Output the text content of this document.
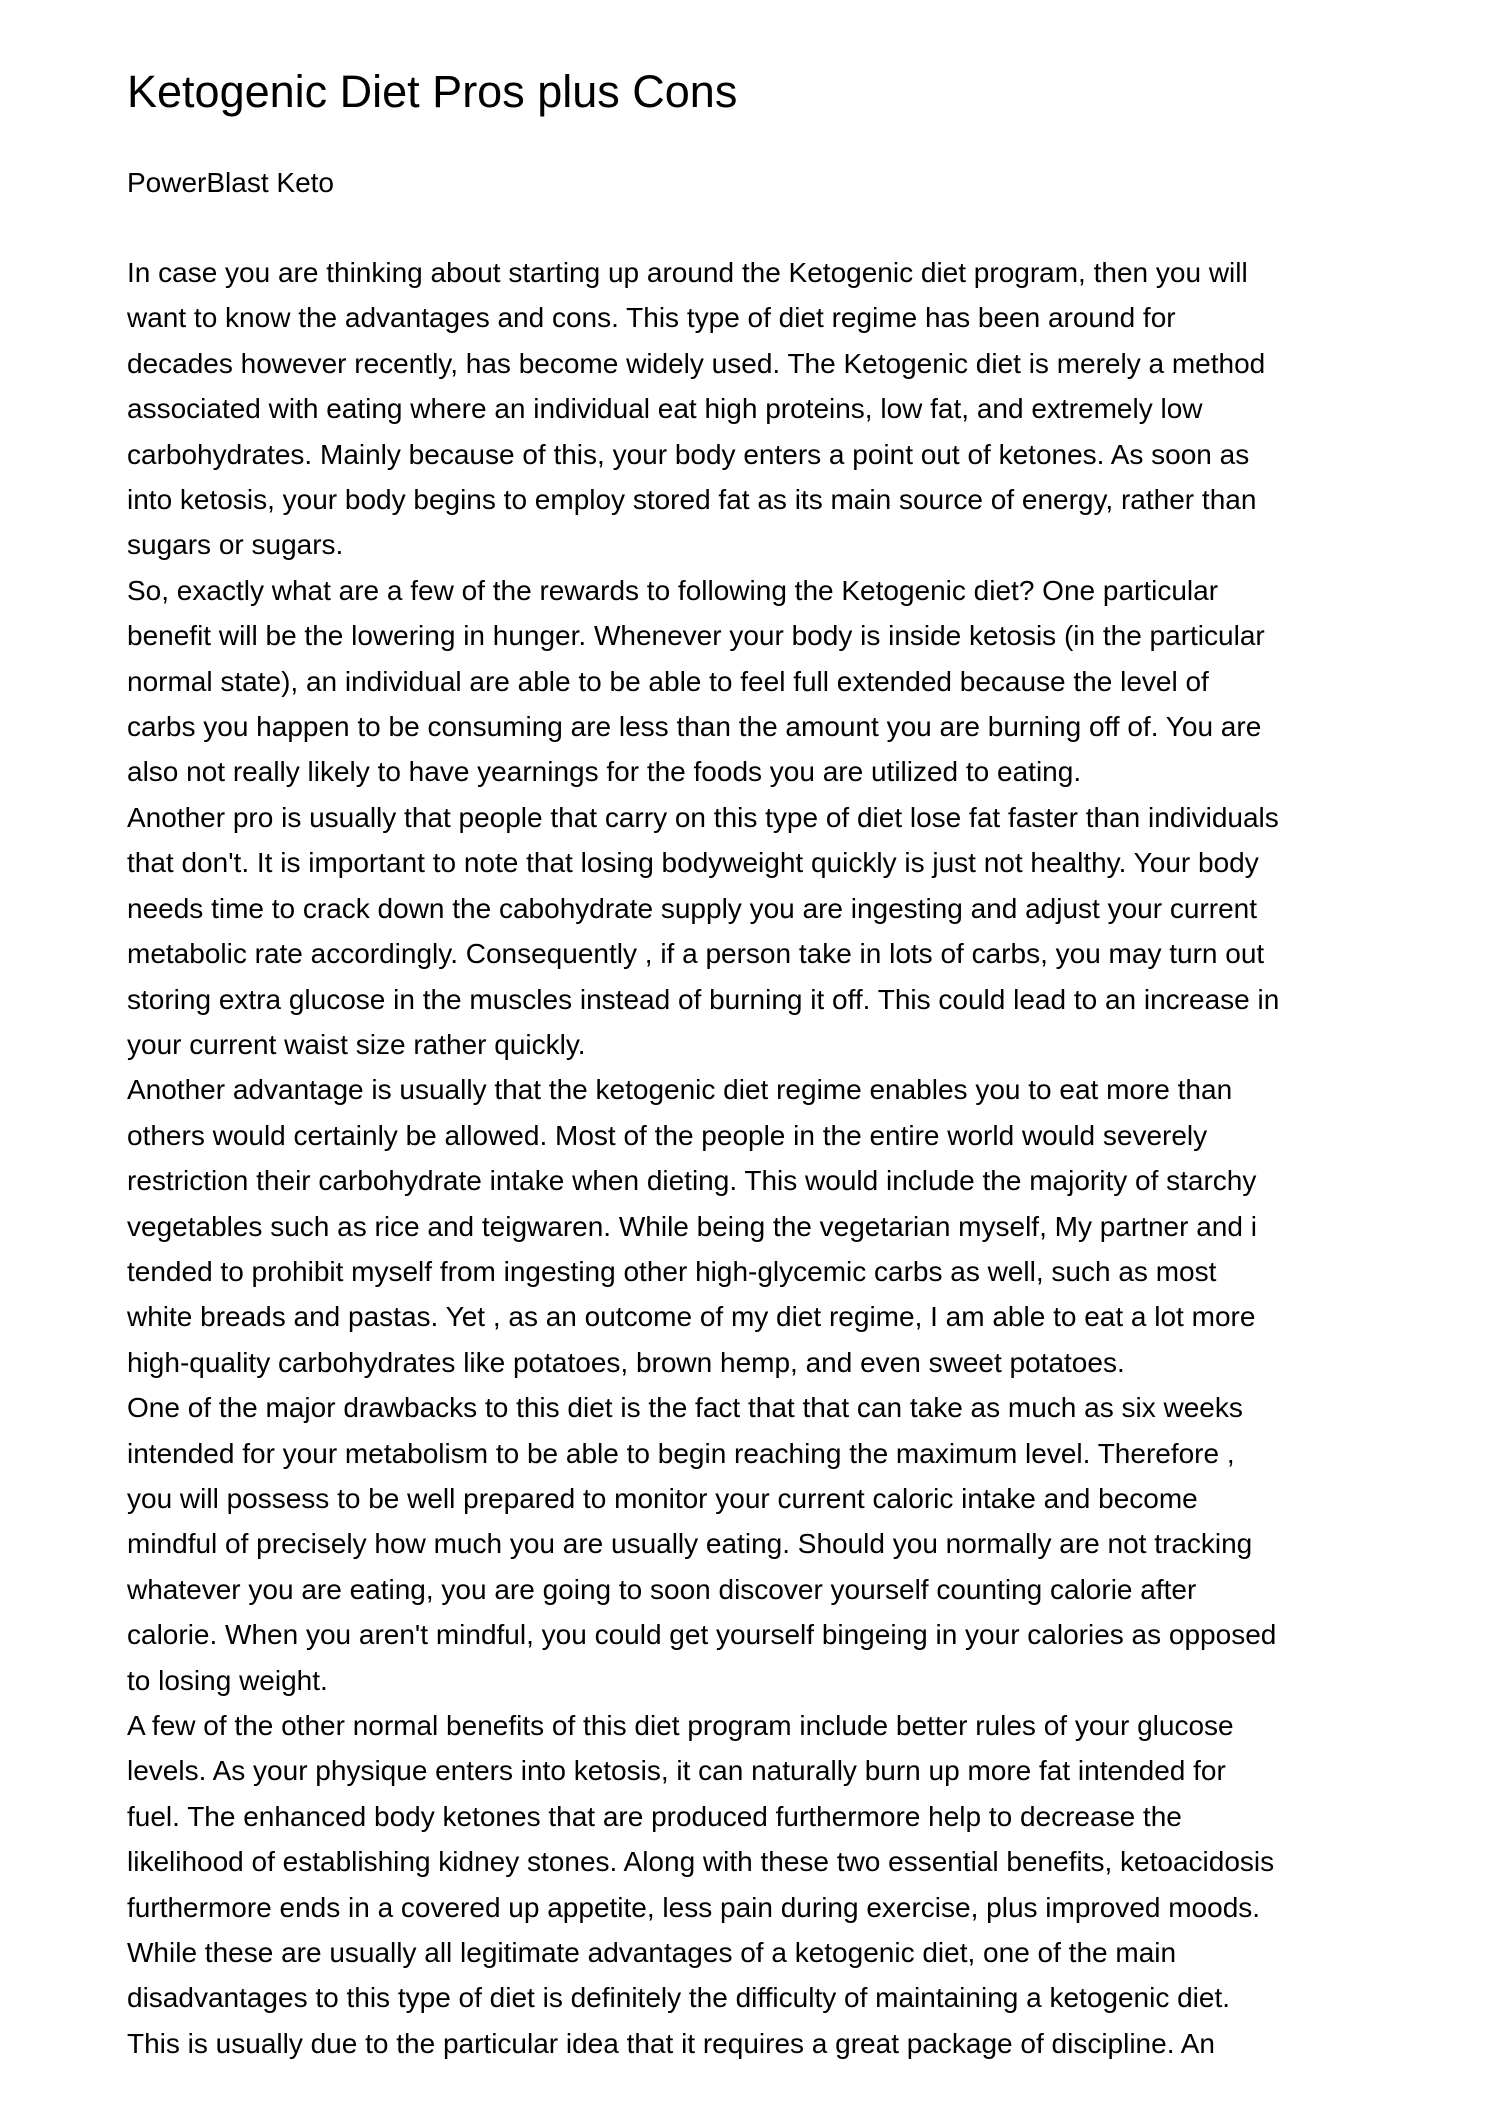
Ketogenic Diet Pros plus Cons
PowerBlast Keto

In case you are thinking about starting up around the Ketogenic diet program, then you will
want to know the advantages and cons. This type of diet regime has been around for
decades however recently, has become widely used. The Ketogenic diet is merely a method
associated with eating where an individual eat high proteins, low fat, and extremely low
carbohydrates. Mainly because of this, your body enters a point out of ketones. As soon as
into ketosis, your body begins to employ stored fat as its main source of energy, rather than
sugars or sugars.

So, exactly what are a few of the rewards to following the Ketogenic diet? One particular
benefit will be the lowering in hunger. Whenever your body is inside ketosis (in the particular
normal state), an individual are able to be able to feel full extended because the level of
carbs you happen to be consuming are less than the amount you are burning off of. You are
also not really likely to have yearnings for the foods you are utilized to eating.

Another pro is usually that people that carry on this type of diet lose fat faster than individuals
that don't. It is important to note that losing bodyweight quickly is just not healthy. Your body
needs time to crack down the cabohydrate supply you are ingesting and adjust your current
metabolic rate accordingly. Consequently , if a person take in lots of carbs, you may turn out
storing extra glucose in the muscles instead of burning it off. This could lead to an increase in
your current waist size rather quickly.

Another advantage is usually that the ketogenic diet regime enables you to eat more than
others would certainly be allowed. Most of the people in the entire world would severely
restriction their carbohydrate intake when dieting. This would include the majority of starchy
vegetables such as rice and teigwaren. While being the vegetarian myself, My partner and i
tended to prohibit myself from ingesting other high-glycemic carbs as well, such as most
white breads and pastas. Yet , as an outcome of my diet regime, I am able to eat a lot more
high-quality carbohydrates like potatoes, brown hemp, and even sweet potatoes.

One of the major drawbacks to this diet is the fact that that can take as much as six weeks
intended for your metabolism to be able to begin reaching the maximum level. Therefore ,
you will possess to be well prepared to monitor your current caloric intake and become
mindful of precisely how much you are usually eating. Should you normally are not tracking
whatever you are eating, you are going to soon discover yourself counting calorie after
calorie. When you aren't mindful, you could get yourself bingeing in your calories as opposed
to losing weight.

A few of the other normal benefits of this diet program include better rules of your glucose
levels. As your physique enters into ketosis, it can naturally burn up more fat intended for
fuel. The enhanced body ketones that are produced furthermore help to decrease the
likelihood of establishing kidney stones. Along with these two essential benefits, ketoacidosis
furthermore ends in a covered up appetite, less pain during exercise, plus improved moods.
While these are usually all legitimate advantages of a ketogenic diet, one of the main
disadvantages to this type of diet is definitely the difficulty of maintaining a ketogenic diet.
This is usually due to the particular idea that it requires a great package of discipline. An
